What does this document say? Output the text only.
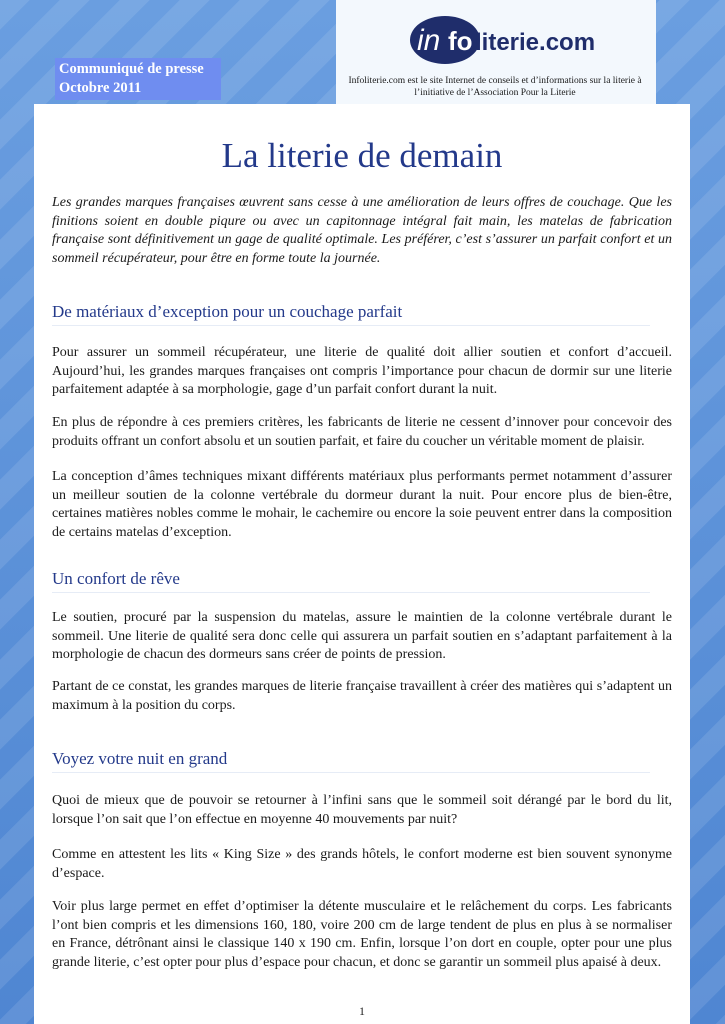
in fo literie.com
Infoliterie.com est le site Internet de conseils et d’informations sur la literie à l’initiative de l’Association Pour la Literie
Communiqué de presse
Octobre 2011
La literie de demain

Les grandes marques françaises œuvrent sans cesse à une amélioration de leurs offres de couchage. Que les finitions soient en double piqure ou avec un capitonnage intégral fait main, les matelas de fabrication française sont définitivement un gage de qualité optimale. Les préférer, c’est s’assurer un parfait confort et un sommeil récupérateur, pour être en forme toute la journée.

De matériaux d’exception pour un couchage parfait

Pour assurer un sommeil récupérateur, une literie de qualité doit allier soutien et confort d’accueil. Aujourd’hui, les grandes marques françaises ont compris l’importance pour chacun de dormir sur une literie parfaitement adaptée à sa morphologie, gage d’un parfait confort durant la nuit.

En plus de répondre à ces premiers critères, les fabricants de literie ne cessent d’innover pour concevoir des produits offrant un confort absolu et un soutien parfait, et faire du coucher un véritable moment de plaisir.

La conception d’âmes techniques mixant différents matériaux plus performants permet notamment d’assurer un meilleur soutien de la colonne vertébrale du dormeur durant la nuit. Pour encore plus de bien-être, certaines matières nobles comme le mohair, le cachemire ou encore la soie peuvent entrer dans la composition de certains matelas d’exception.

Un confort de rêve

Le soutien, procuré par la suspension du matelas, assure le maintien de la colonne vertébrale durant le sommeil. Une literie de qualité sera donc celle qui assurera un parfait soutien en s’adaptant parfaitement à la morphologie de chacun des dormeurs sans créer de points de pression.

Partant de ce constat, les grandes marques de literie française travaillent à créer des matières qui s’adaptent un maximum à la position du corps.

Voyez votre nuit en grand

Quoi de mieux que de pouvoir se retourner à l’infini sans que le sommeil soit dérangé par le bord du lit, lorsque l’on sait que l’on effectue en moyenne 40 mouvements par nuit?

Comme en attestent les lits « King Size » des grands hôtels, le confort moderne est bien souvent synonyme d’espace.

Voir plus large permet en effet d’optimiser la détente musculaire et le relâchement du corps. Les fabricants l’ont bien compris et les dimensions 160, 180, voire 200 cm de large tendent de plus en plus à se normaliser en France, détrônant ainsi le classique 140 x 190 cm. Enfin, lorsque l’on dort en couple, opter pour une plus grande literie, c’est opter pour plus d’espace pour chacun, et donc se garantir un sommeil plus apaisé à deux.

1
